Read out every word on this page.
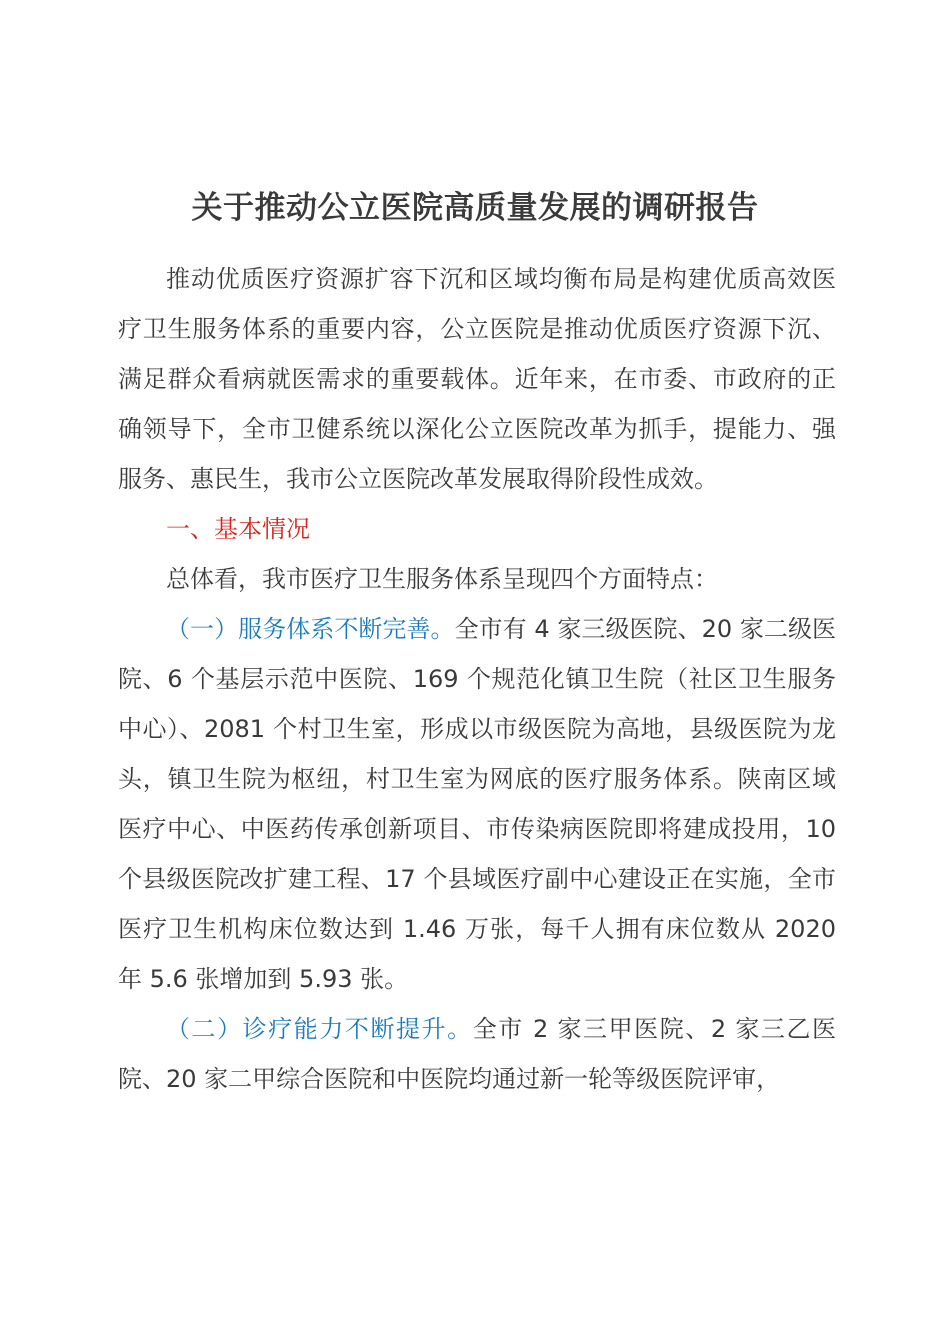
关于推动公立医院高质量发展的调研报告

推动优质医疗资源扩容下沉和区域均衡布局是构建优质高效医疗卫生服务体系的重要内容，公立医院是推动优质医疗资源下沉、满足群众看病就医需求的重要载体。近年来，在市委、市政府的正确领导下，全市卫健系统以深化公立医院改革为抓手，提能力、强服务、惠民生，我市公立医院改革发展取得阶段性成效。

一、基本情况

总体看，我市医疗卫生服务体系呈现四个方面特点：

（一）服务体系不断完善。全市有 4 家三级医院、20 家二级医院、6 个基层示范中医院、169 个规范化镇卫生院（社区卫生服务中心）、2081 个村卫生室，形成以市级医院为高地，县级医院为龙头，镇卫生院为枢纽，村卫生室为网底的医疗服务体系。陕南区域医疗中心、中医药传承创新项目、市传染病医院即将建成投用，10 个县级医院改扩建工程、17 个县域医疗副中心建设正在实施，全市医疗卫生机构床位数达到 1.46 万张，每千人拥有床位数从 2020 年 5.6 张增加到 5.93 张。

（二）诊疗能力不断提升。全市 2 家三甲医院、2 家三乙医院、20 家二甲综合医院和中医院均通过新一轮等级医院评审，
